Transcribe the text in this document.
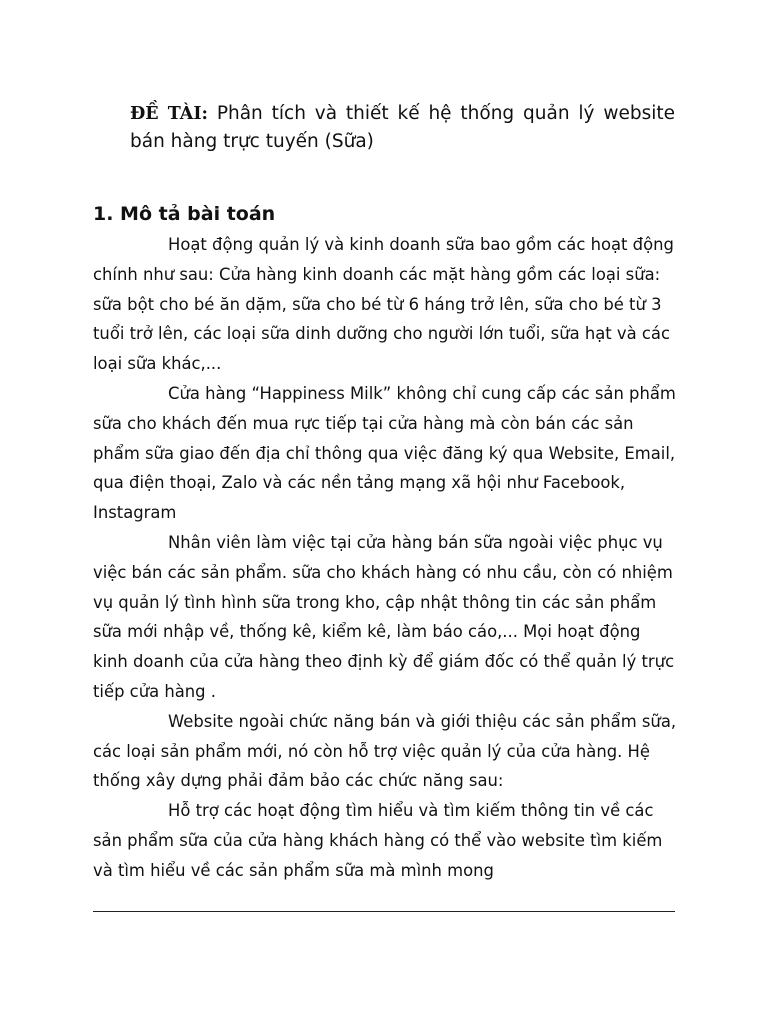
ĐỀ TÀI: Phân tích và thiết kế hệ thống quản lý website bán hàng trực tuyến (Sữa)
1. Mô tả bài toán

Hoạt động quản lý và kinh doanh sữa bao gồm các hoạt động chính như sau: Cửa hàng kinh doanh các mặt hàng gồm các loại sữa: sữa bột cho bé ăn dặm, sữa cho bé từ 6 háng trở lên, sữa cho bé từ 3 tuổi trở lên, các loại sữa dinh dưỡng cho người lớn tuổi, sữa hạt và các loại sữa khác,...

Cửa hàng “Happiness Milk” không chỉ cung cấp các sản phẩm sữa cho khách đến mua rực tiếp tại cửa hàng mà còn bán các sản phẩm sữa giao đến địa chỉ thông qua việc đăng ký qua Website, Email, qua điện thoại, Zalo và các nền tảng mạng xã hội như Facebook, Instagram

Nhân viên làm việc tại cửa hàng bán sữa ngoài việc phục vụ việc bán các sản phẩm. sữa cho khách hàng có nhu cầu, còn có nhiệm vụ quản lý tình hình sữa trong kho, cập nhật thông tin các sản phẩm sữa mới nhập về, thống kê, kiểm kê, làm báo cáo,... Mọi hoạt động kinh doanh của cửa hàng theo định kỳ để giám đốc có thể quản lý trực tiếp cửa hàng .

Website ngoài chức năng bán và giới thiệu các sản phẩm sữa, các loại sản phẩm mới, nó còn hỗ trợ việc quản lý của cửa hàng. Hệ thống xây dựng phải đảm bảo các chức năng sau:

Hỗ trợ các hoạt động tìm hiểu và tìm kiếm thông tin về các sản phẩm sữa của cửa hàng khách hàng có thể vào website tìm kiếm và tìm hiểu về các sản phẩm sữa mà mình mong
